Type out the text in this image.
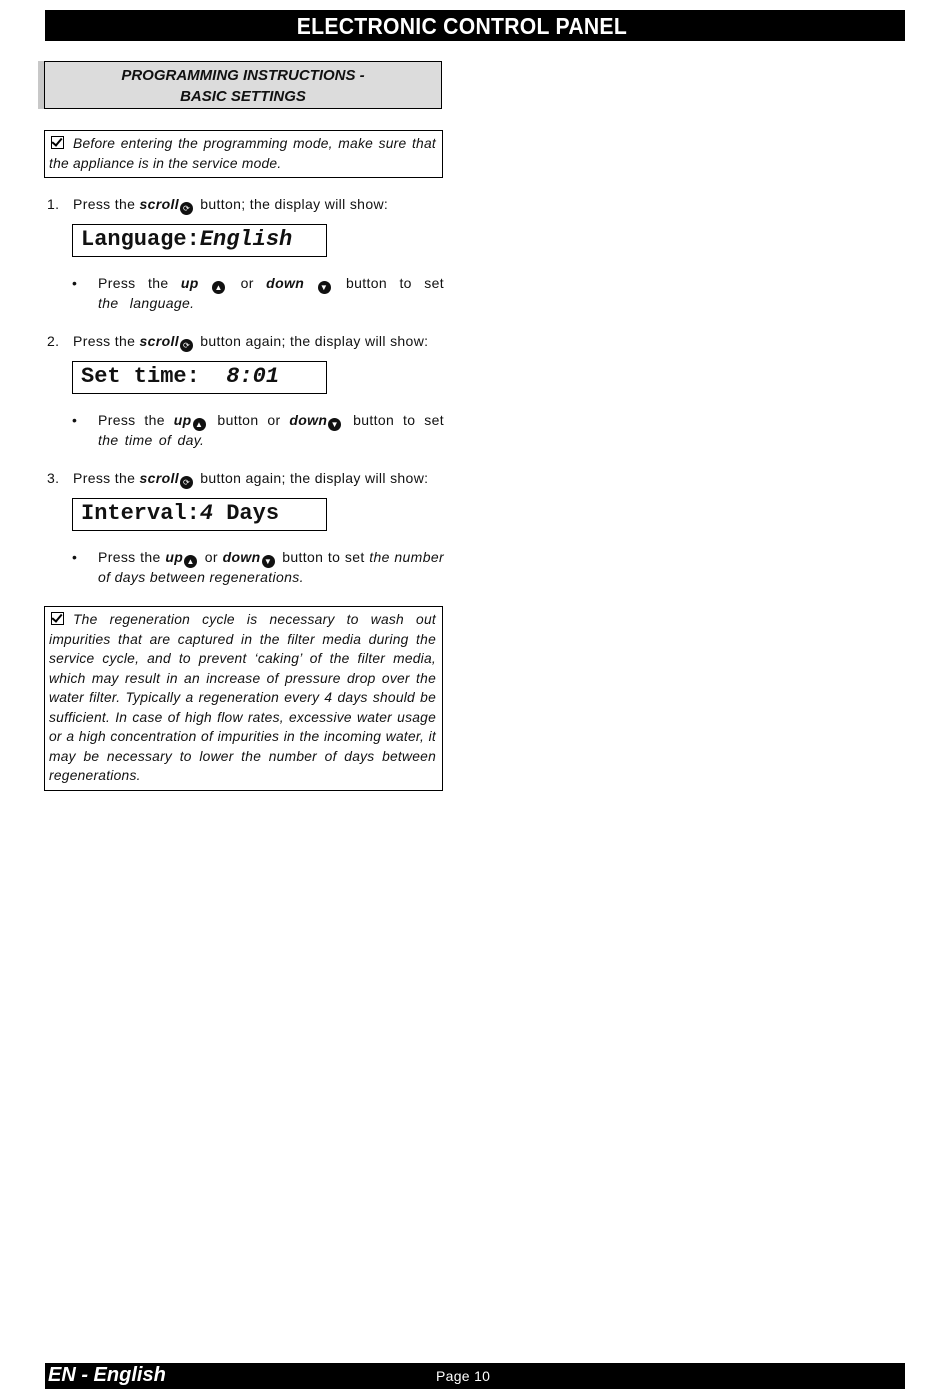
ELECTRONIC CONTROL PANEL
PROGRAMMING INSTRUCTIONS -
BASIC SETTINGS
Before entering the programming mode, make sure that the appliance is in the service mode.
1. Press the scroll ⟳ button; the display will show:
Language:English
• Press the up ▲ or down ▼ button to set the language.
2. Press the scroll ⟳ button again; the display will show:
Set time:  8:01
• Press the up ▲ button or down ▼ button to set the time of day.
3. Press the scroll ⟳ button again; the display will show:
Interval:4 Days
• Press the up ▲ or down ▼ button to set the number of days between regenerations.
The regeneration cycle is necessary to wash out impurities that are captured in the filter media during the service cycle, and to prevent ‘caking’ of the filter media, which may result in an increase of pressure drop over the water filter. Typically a regeneration every 4 days should be sufficient. In case of high flow rates, excessive water usage or a high concentration of impurities in the incoming water, it may be necessary to lower the number of days between regenerations.
EN - English	Page 10
